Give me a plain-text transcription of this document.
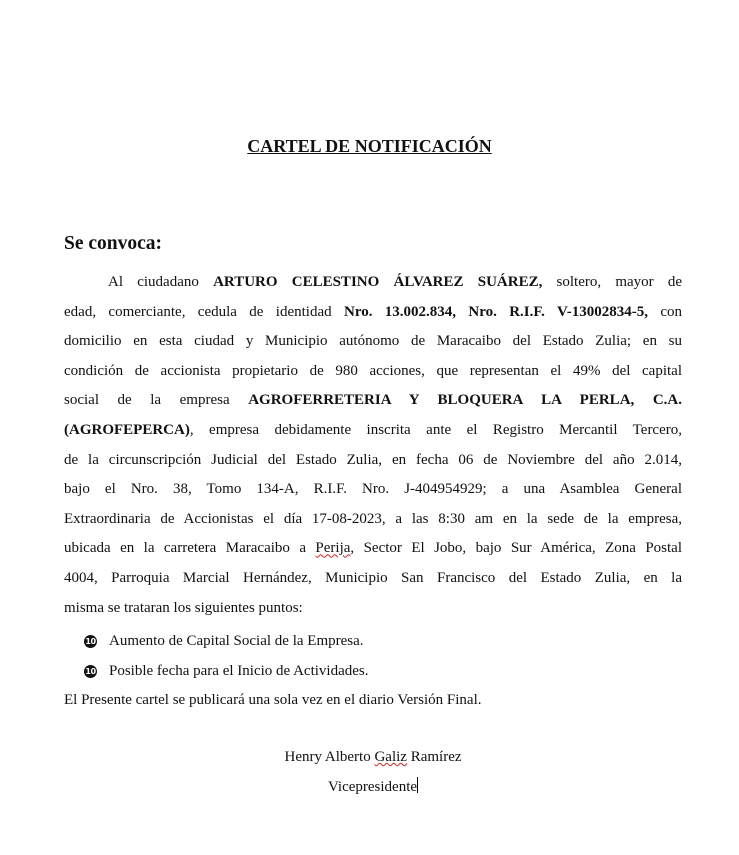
CARTEL DE NOTIFICACIÓN
Se convoca:
Al ciudadano ARTURO CELESTINO ÁLVAREZ SUÁREZ, soltero, mayor de
edad, comerciante, cedula de identidad Nro. 13.002.834, Nro. R.I.F. V-13002834-5, con
domicilio en esta ciudad y Municipio autónomo de Maracaibo del Estado Zulia; en su
condición de accionista propietario de 980 acciones, que representan el 49% del capital
social de la empresa AGROFERRETERIA Y BLOQUERA LA PERLA, C.A.
(AGROFEPERCA), empresa debidamente inscrita ante el Registro Mercantil Tercero,
de la circunscripción Judicial del Estado Zulia, en fecha 06 de Noviembre del año 2.014,
bajo el Nro. 38, Tomo 134-A, R.I.F. Nro. J-404954929; a una Asamblea General
Extraordinaria de Accionistas el día 17-08-2023, a las 8:30 am en la sede de la empresa,
ubicada en la carretera Maracaibo a Perija, Sector El Jobo, bajo Sur América, Zona Postal
4004, Parroquia Marcial Hernández, Municipio San Francisco del Estado Zulia, en la
misma se trataran los siguientes puntos:
10 Aumento de Capital Social de la Empresa.
10 Posible fecha para el Inicio de Actividades.
El Presente cartel se publicará una sola vez en el diario Versión Final.
Henry Alberto Galiz Ramírez
Vicepresidente
